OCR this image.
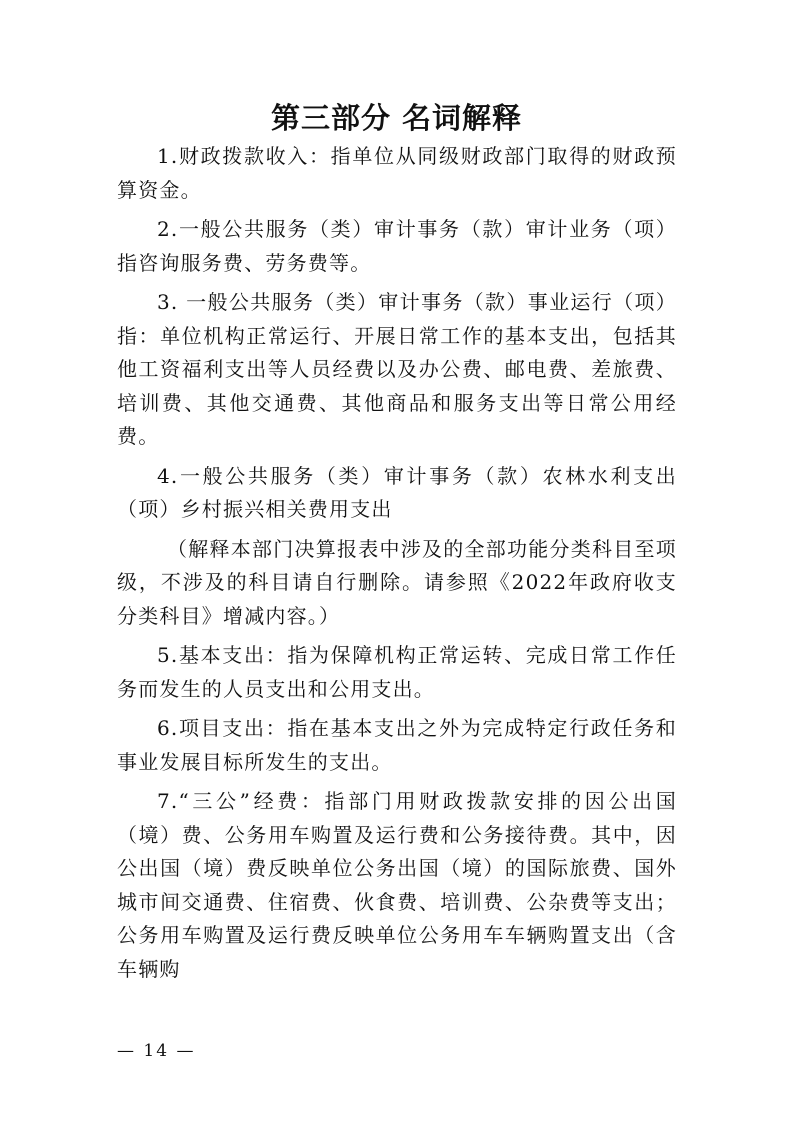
第三部分 名词解释

1.财政拨款收入：指单位从同级财政部门取得的财政预算资金。

2.一般公共服务（类）审计事务（款）审计业务（项）指咨询服务费、劳务费等。

3. 一般公共服务（类）审计事务（款）事业运行（项）指：单位机构正常运行、开展日常工作的基本支出，包括其他工资福利支出等人员经费以及办公费、邮电费、差旅费、培训费、其他交通费、其他商品和服务支出等日常公用经费。

4.一般公共服务（类）审计事务（款）农林水利支出（项）乡村振兴相关费用支出

（解释本部门决算报表中涉及的全部功能分类科目至项级，不涉及的科目请自行删除。请参照《2022年政府收支分类科目》增减内容。）

5.基本支出：指为保障机构正常运转、完成日常工作任务而发生的人员支出和公用支出。

6.项目支出：指在基本支出之外为完成特定行政任务和事业发展目标所发生的支出。

7.“三公”经费：指部门用财政拨款安排的因公出国（境）费、公务用车购置及运行费和公务接待费。其中，因公出国（境）费反映单位公务出国（境）的国际旅费、国外城市间交通费、住宿费、伙食费、培训费、公杂费等支出；公务用车购置及运行费反映单位公务用车车辆购置支出（含车辆购

— 14 —
